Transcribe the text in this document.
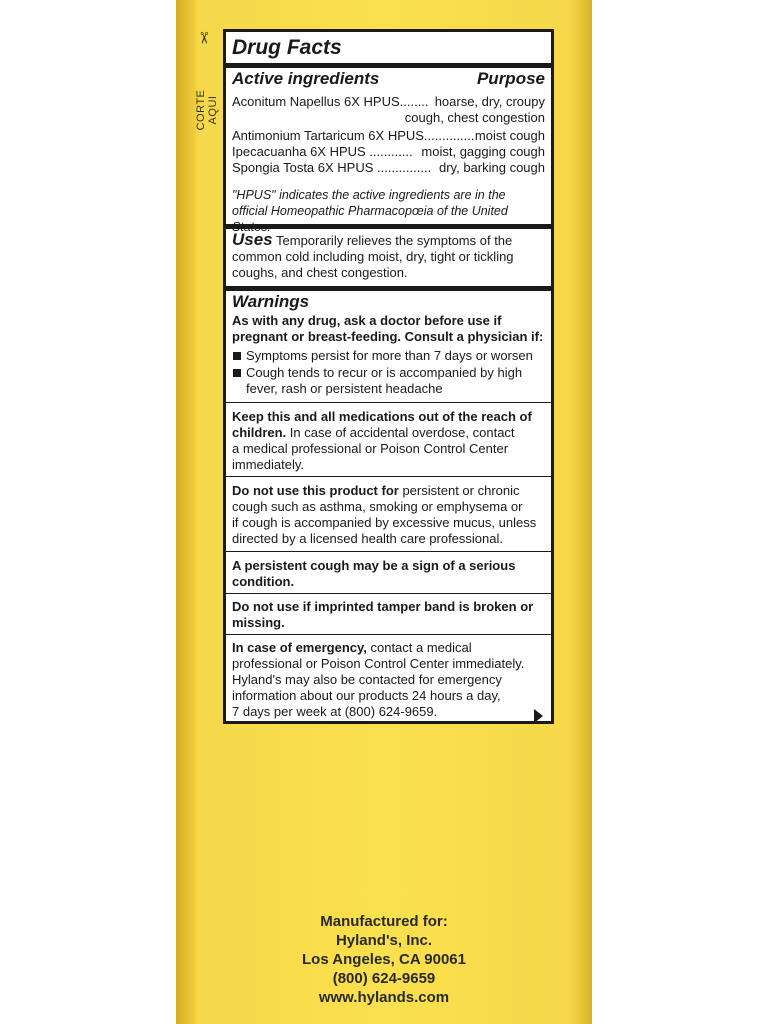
✂
CORTE AQUI
Drug Facts
Active ingredients	Purpose
Aconitum Napellus 6X HPUS........ hoarse, dry, croupy
cough, chest congestion
Antimonium Tartaricum 6X HPUS.............. moist cough
Ipecacuanha 6X HPUS ............ moist, gagging cough
Spongia Tosta 6X HPUS ............... dry, barking cough
"HPUS" indicates the active ingredients are in the
official Homeopathic Pharmacopœia of the United
Uses Temporarily relieves the symptoms of the
common cold including moist, dry, tight or tickling
coughs, and chest congestion.
Warnings
As with any drug, ask a doctor before use if
pregnant or breast-feeding. Consult a physician if:
Symptoms persist for more than 7 days or worsen
Cough tends to recur or is accompanied by high
fever, rash or persistent headache
Keep this and all medications out of the reach of
children. In case of accidental overdose, contact
a medical professional or Poison Control Center
immediately.
Do not use this product for persistent or chronic
cough such as asthma, smoking or emphysema or
if cough is accompanied by excessive mucus, unless
directed by a licensed health care professional.
A persistent cough may be a sign of a serious
condition.
Do not use if imprinted tamper band is broken or
missing.
In case of emergency, contact a medical
professional or Poison Control Center immediately.
Hyland's may also be contacted for emergency
information about our products 24 hours a day,
7 days per week at (800) 624-9659.
Manufactured for:
Hyland's, Inc.
Los Angeles, CA 90061
(800) 624-9659
www.hylands.com
